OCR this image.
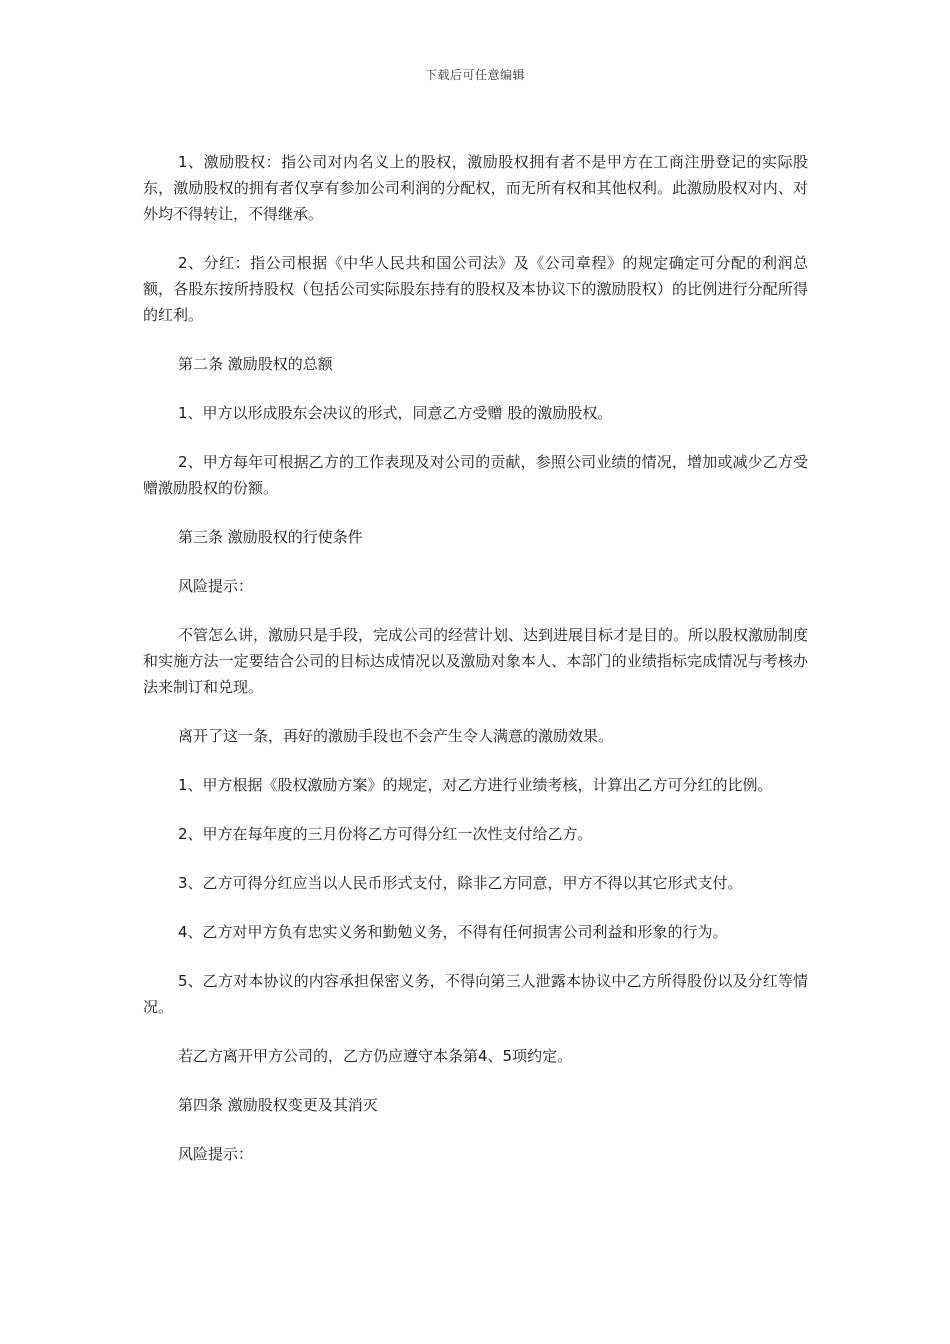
下载后可任意编辑

1、激励股权：指公司对内名义上的股权，激励股权拥有者不是甲方在工商注册登记的实际股东，激励股权的拥有者仅享有参加公司利润的分配权，而无所有权和其他权利。此激励股权对内、对外均不得转让，不得继承。

2、分红：指公司根据《中华人民共和国公司法》及《公司章程》的规定确定可分配的利润总额，各股东按所持股权（包括公司实际股东持有的股权及本协议下的激励股权）的比例进行分配所得的红利。

第二条 激励股权的总额

1、甲方以形成股东会决议的形式，同意乙方受赠 股的激励股权。

2、甲方每年可根据乙方的工作表现及对公司的贡献，参照公司业绩的情况，增加或减少乙方受赠激励股权的份额。

第三条 激励股权的行使条件

风险提示：

不管怎么讲，激励只是手段，完成公司的经营计划、达到进展目标才是目的。所以股权激励制度和实施方法一定要结合公司的目标达成情况以及激励对象本人、本部门的业绩指标完成情况与考核办法来制订和兑现。

离开了这一条，再好的激励手段也不会产生令人满意的激励效果。

1、甲方根据《股权激励方案》的规定，对乙方进行业绩考核，计算出乙方可分红的比例。

2、甲方在每年度的三月份将乙方可得分红一次性支付给乙方。

3、乙方可得分红应当以人民币形式支付，除非乙方同意，甲方不得以其它形式支付。

4、乙方对甲方负有忠实义务和勤勉义务，不得有任何损害公司利益和形象的行为。

5、乙方对本协议的内容承担保密义务，不得向第三人泄露本协议中乙方所得股份以及分红等情况。

若乙方离开甲方公司的，乙方仍应遵守本条第4、5项约定。

第四条 激励股权变更及其消灭

风险提示：
